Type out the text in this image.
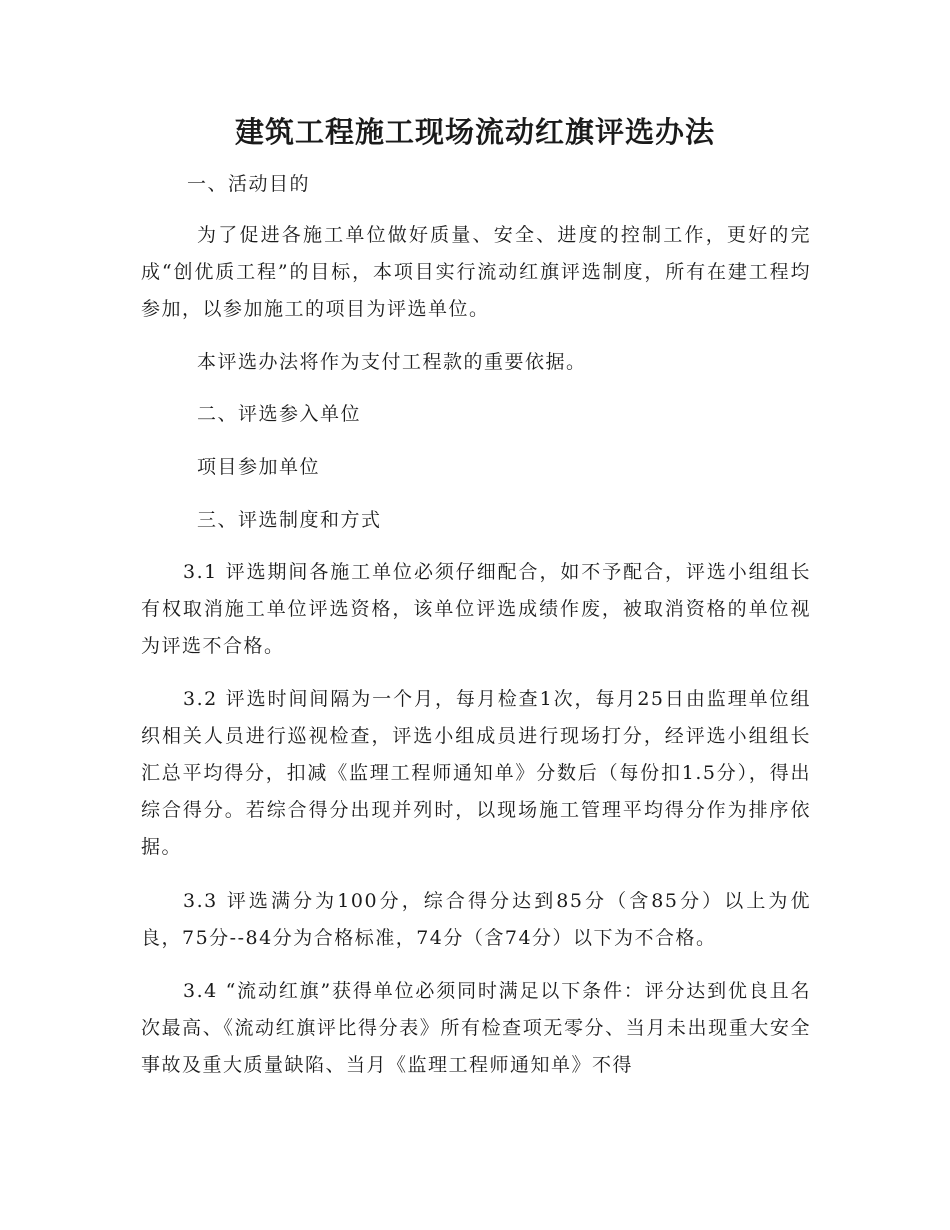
建筑工程施工现场流动红旗评选办法

一、活动目的

为了促进各施工单位做好质量、安全、进度的控制工作，更好的完成“创优质工程”的目标，本项目实行流动红旗评选制度，所有在建工程均参加，以参加施工的项目为评选单位。

本评选办法将作为支付工程款的重要依据。

二、评选参入单位

项目参加单位

三、评选制度和方式

3.1 评选期间各施工单位必须仔细配合，如不予配合，评选小组组长有权取消施工单位评选资格，该单位评选成绩作废，被取消资格的单位视为评选不合格。

3.2 评选时间间隔为一个月，每月检查1次，每月25日由监理单位组织相关人员进行巡视检查，评选小组成员进行现场打分，经评选小组组长汇总平均得分，扣减《监理工程师通知单》分数后（每份扣1.5分），得出综合得分。若综合得分出现并列时，以现场施工管理平均得分作为排序依据。

3.3 评选满分为100分，综合得分达到85分（含85分）以上为优良，75分--84分为合格标准，74分（含74分）以下为不合格。

3.4 “流动红旗”获得单位必须同时满足以下条件：评分达到优良且名次最高、《流动红旗评比得分表》所有检查项无零分、当月未出现重大安全事故及重大质量缺陷、当月《监理工程师通知单》不得
